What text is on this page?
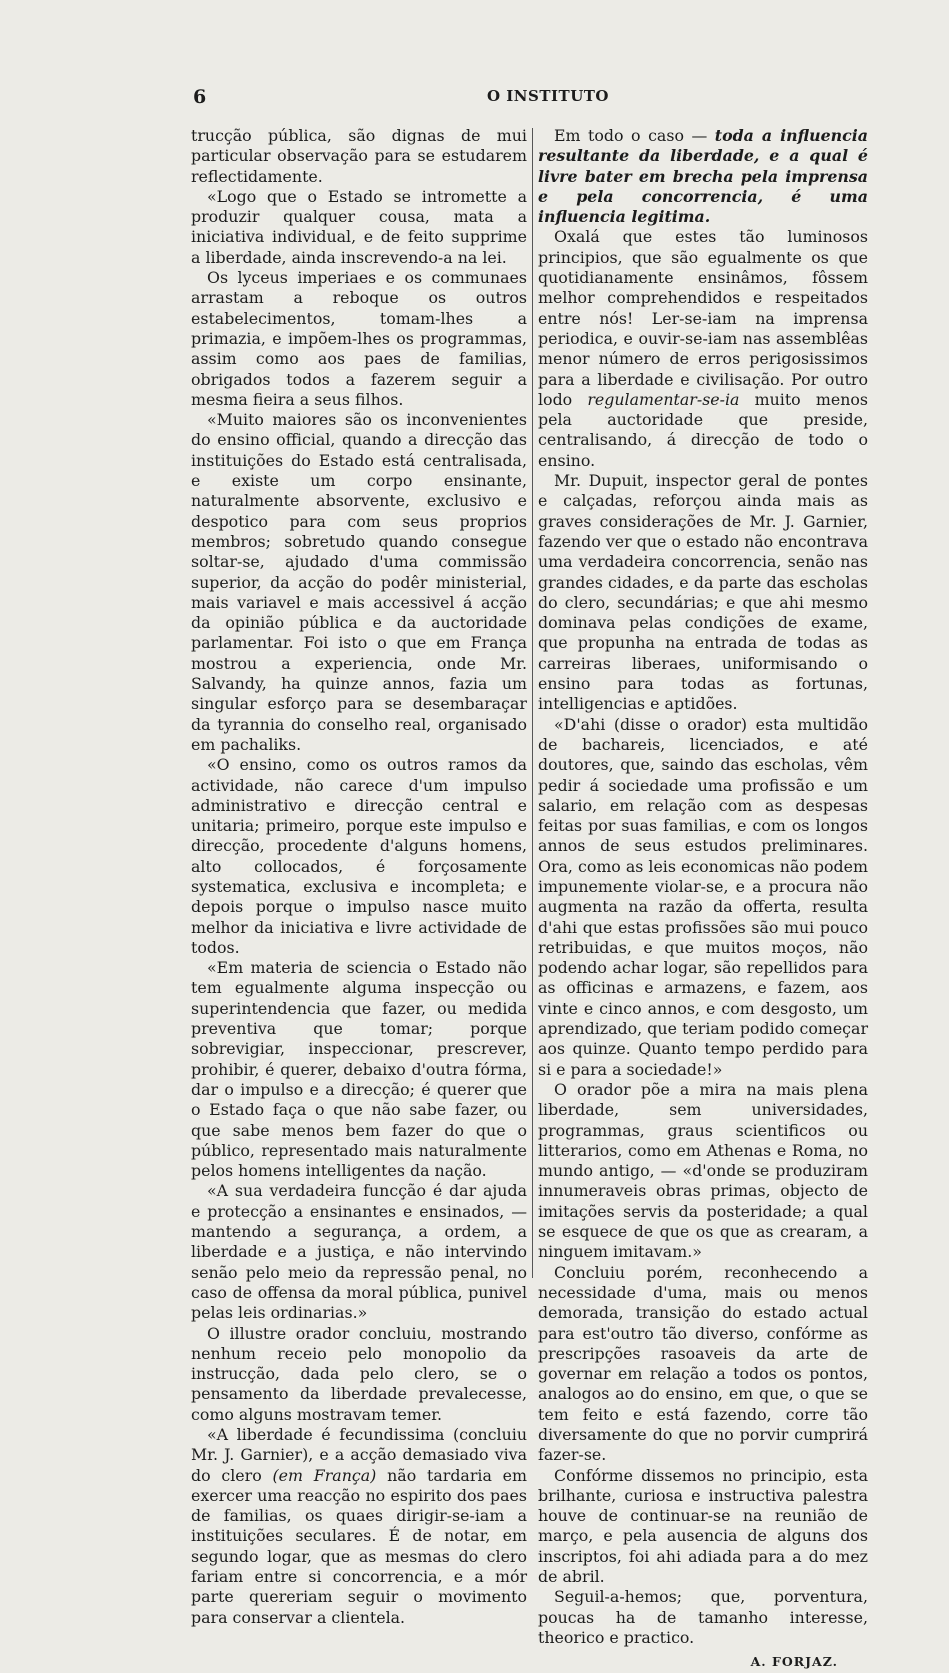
6	O INSTITUTO

trucção pública, são dignas de mui particular observação para se estudarem reflectidamente.

«Logo que o Estado se intromette a produzir qualquer cousa, mata a iniciativa individual, e de feito supprime a liberdade, ainda inscrevendo-a na lei.

Os lyceus imperiaes e os communaes arrastam a reboque os outros estabelecimentos, tomam-lhes a primazia, e impõem-lhes os programmas, assim como aos paes de familias, obrigados todos a fazerem seguir a mesma fieira a seus filhos.

«Muito maiores são os inconvenientes do ensino official, quando a direcção das instituições do Estado está centralisada, e existe um corpo ensinante, naturalmente absorvente, exclusivo e despotico para com seus proprios membros; sobretudo quando consegue soltar-se, ajudado d'uma commissão superior, da acção do podêr ministerial, mais variavel e mais accessivel á acção da opinião pública e da auctoridade parlamentar. Foi isto o que em França mostrou a experiencia, onde Mr. Salvandy, ha quinze annos, fazia um singular esforço para se desembaraçar da tyrannia do conselho real, organisado em pachaliks.

«O ensino, como os outros ramos da actividade, não carece d'um impulso administrativo e direcção central e unitaria; primeiro, porque este impulso e direcção, procedente d'alguns homens, alto collocados, é forçosamente systematica, exclusiva e incompleta; e depois porque o impulso nasce muito melhor da iniciativa e livre actividade de todos.

«Em materia de sciencia o Estado não tem egualmente alguma inspecção ou superintendencia que fazer, ou medida preventiva que tomar; porque sobrevigiar, inspeccionar, prescrever, prohibir, é querer, debaixo d'outra fórma, dar o impulso e a direcção; é querer que o Estado faça o que não sabe fazer, ou que sabe menos bem fazer do que o público, representado mais naturalmente pelos homens intelligentes da nação.

«A sua verdadeira funcção é dar ajuda e protecção a ensinantes e ensinados, — mantendo a segurança, a ordem, a liberdade e a justiça, e não intervindo senão pelo meio da repressão penal, no caso de offensa da moral pública, punivel pelas leis ordinarias.»

O illustre orador concluiu, mostrando nenhum receio pelo monopolio da instrucção, dada pelo clero, se o pensamento da liberdade prevalecesse, como alguns mostravam temer.

«A liberdade é fecundissima (concluiu Mr. J. Garnier), e a acção demasiado viva do clero (em França) não tardaria em exercer uma reacção no espirito dos paes de familias, os quaes dirigir-se-iam a instituições seculares. É de notar, em segundo logar, que as mesmas do clero fariam entre si concorrencia, e a mór parte quereriam seguir o movimento para conservar a clientela.

Em todo o caso — toda a influencia resultante da liberdade, e a qual é livre bater em brecha pela imprensa e pela concorrencia, é uma influencia legitima.

Oxalá que estes tão luminosos principios, que são egualmente os que quotidianamente ensinâmos, fôssem melhor comprehendidos e respeitados entre nós! Ler-se-iam na imprensa periodica, e ouvir-se-iam nas assemblêas menor número de erros perigosissimos para a liberdade e civilisação. Por outro lodo regulamentar-se-ia muito menos pela auctoridade que preside, centralisando, á direcção de todo o ensino.

Mr. Dupuit, inspector geral de pontes e calçadas, reforçou ainda mais as graves considerações de Mr. J. Garnier, fazendo ver que o estado não encontrava uma verdadeira concorrencia, senão nas grandes cidades, e da parte das escholas do clero, secundárias; e que ahi mesmo dominava pelas condições de exame, que propunha na entrada de todas as carreiras liberaes, uniformisando o ensino para todas as fortunas, intelligencias e aptidões.

«D'ahi (disse o orador) esta multidão de bachareis, licenciados, e até doutores, que, saindo das escholas, vêm pedir á sociedade uma profissão e um salario, em relação com as despesas feitas por suas familias, e com os longos annos de seus estudos preliminares. Ora, como as leis economicas não podem impunemente violar-se, e a procura não augmenta na razão da offerta, resulta d'ahi que estas profissões são mui pouco retribuidas, e que muitos moços, não podendo achar logar, são repellidos para as officinas e armazens, e fazem, aos vinte e cinco annos, e com desgosto, um aprendizado, que teriam podido começar aos quinze. Quanto tempo perdido para si e para a sociedade!»

O orador põe a mira na mais plena liberdade, sem universidades, programmas, graus scientificos ou litterarios, como em Athenas e Roma, no mundo antigo, — «d'onde se produziram innumeraveis obras primas, objecto de imitações servis da posteridade; a qual se esquece de que os que as crearam, a ninguem imitavam.»

Concluiu porém, reconhecendo a necessidade d'uma, mais ou menos demorada, transição do estado actual para est'outro tão diverso, confórme as prescripções rasoaveis da arte de governar em relação a todos os pontos, analogos ao do ensino, em que, o que se tem feito e está fazendo, corre tão diversamente do que no porvir cumprirá fazer-se.

Confórme dissemos no principio, esta brilhante, curiosa e instructiva palestra houve de continuar-se na reunião de março, e pela ausencia de alguns dos inscriptos, foi ahi adiada para a do mez de abril.

Seguil-a-hemos; que, porventura, poucas ha de tamanho interesse, theorico e practico.

A. FORJAZ.
